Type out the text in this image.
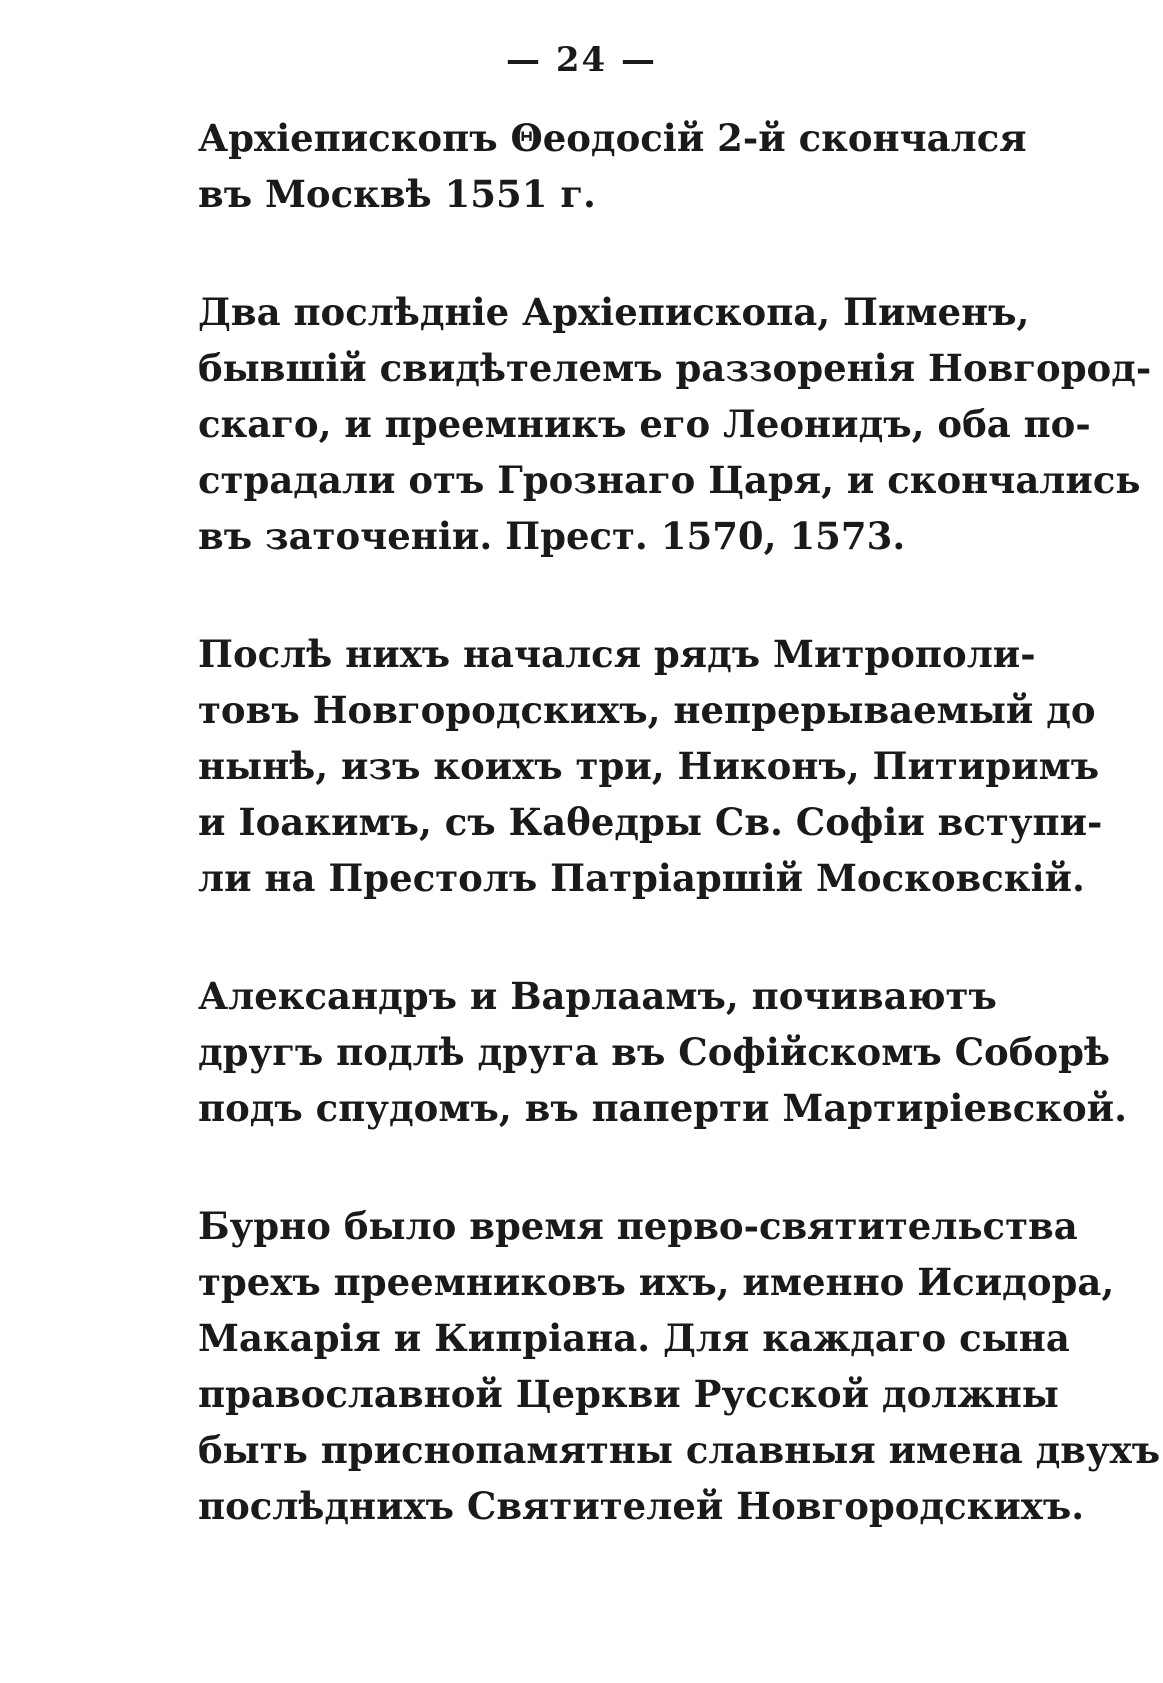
— 24 —

Архіепископъ Θеодосій 2-й скончался
въ Москвѣ 1551 г.

Два послѣдніе Архіепископа, Пименъ,
бывшій свидѣтелемъ раззоренія Новгород-
скаго, и преемникъ его Леонидъ, оба по-
страдали отъ Грознаго Царя, и скончались
въ заточеніи. Прест. 1570, 1573.

Послѣ нихъ начался рядъ Митрополи-
товъ Новгородскихъ, непрерываемый до
нынѣ, изъ коихъ три, Никонъ, Питиримъ
и Іоакимъ, съ Каθедры Св. Софіи вступи-
ли на Престолъ Патріаршій Московскій.

Александръ и Варлаамъ, почиваютъ
другъ подлѣ друга въ Софійскомъ Соборѣ
подъ спудомъ, въ паперти Мартиріевской.

Бурно было время перво-святительства
трехъ преемниковъ ихъ, именно Исидора,
Макарія и Кипріана. Для каждаго сына
православной Церкви Русской должны
быть приснопамятны славныя имена двухъ
послѣднихъ Святителей Новгородскихъ.
